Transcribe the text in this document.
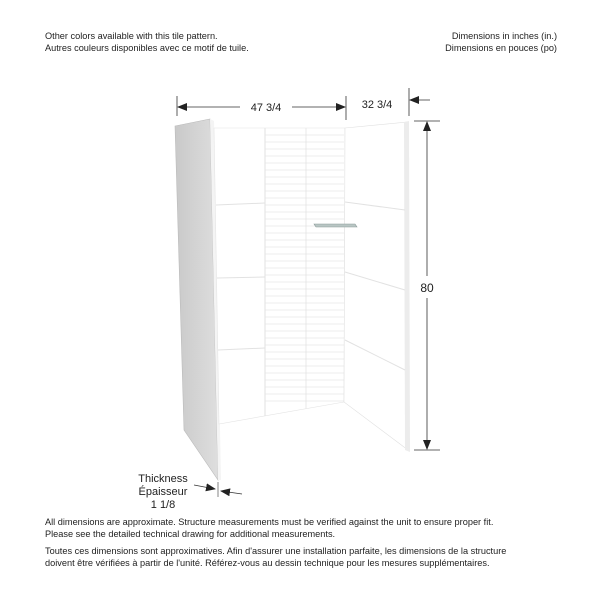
Other colors available with this tile pattern.
Autres couleurs disponibles avec ce motif de tuile.
Dimensions in inches (in.)
Dimensions en pouces (po)
47 3/4	32 3/4
80
Thickness
Épaisseur
1 1/8
All dimensions are approximate. Structure measurements must be verified against the unit to ensure proper fit.
Please see the detailed technical drawing for additional measurements.
Toutes ces dimensions sont approximatives. Afin d'assurer une installation parfaite, les dimensions de la structure
doivent être vérifiées à partir de l'unité. Référez-vous au dessin technique pour les mesures supplémentaires.
